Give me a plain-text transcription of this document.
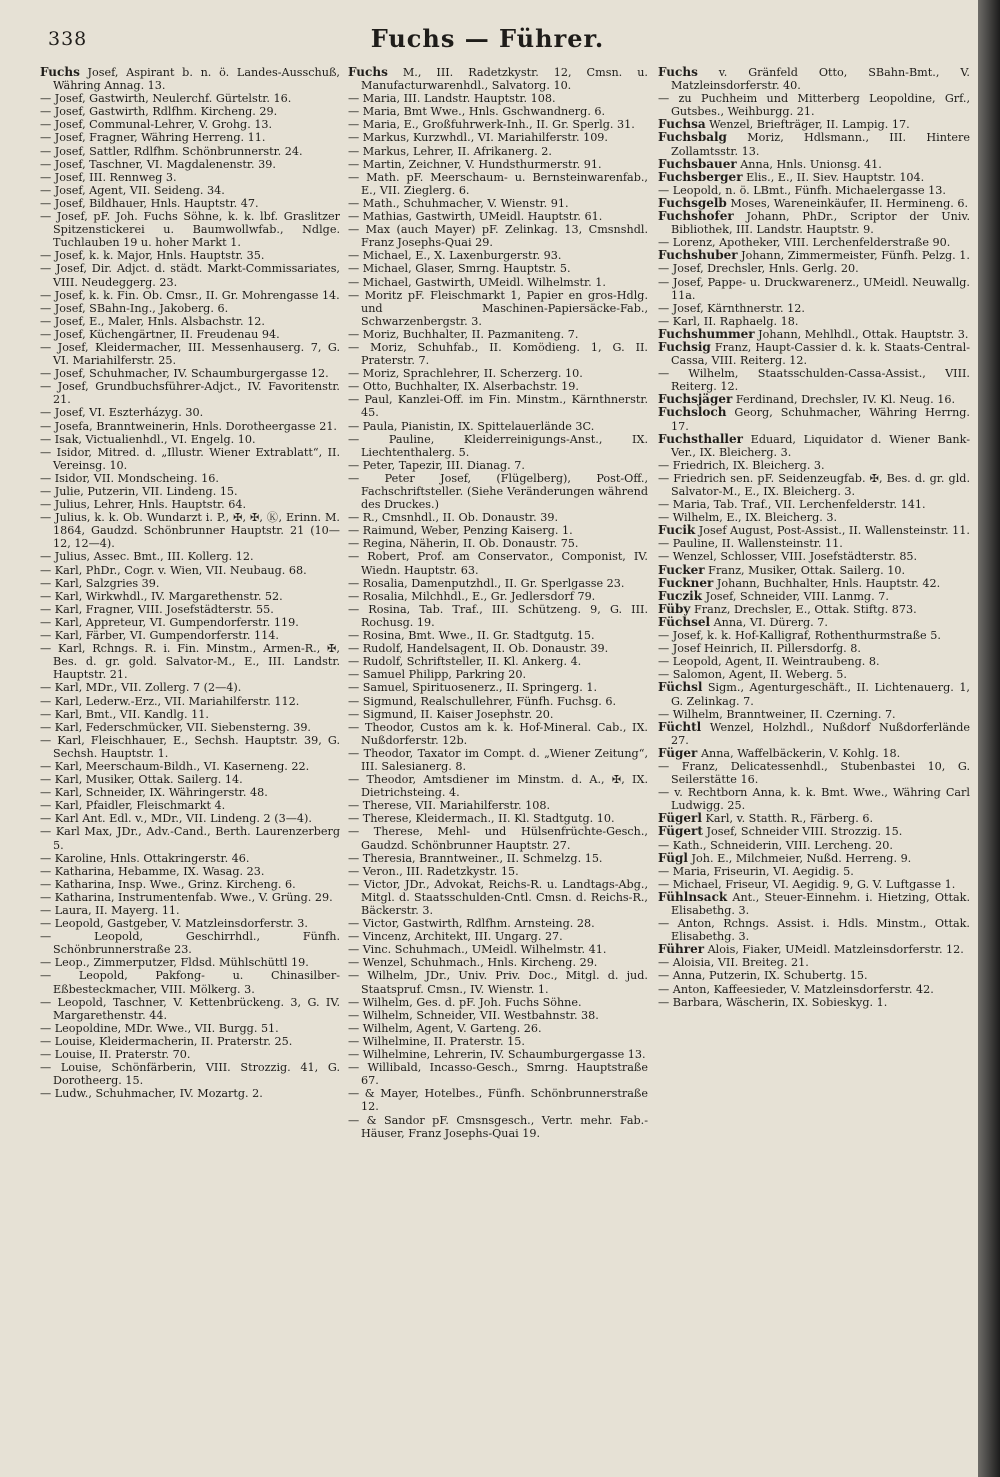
338	Fuchs — Führer.
Fuchs Josef, Aspirant b. n. ö. Landes-Ausschuß, Währing Annag. 13.
— Josef, Gastwirth, Neulerchf. Gürtelstr. 16.
— Josef, Gastwirth, Rdlfhm. Kircheng. 29.
— Josef, Communal-Lehrer, V. Grohg. 13.
— Josef, Fragner, Währing Herreng. 11.
— Josef, Sattler, Rdlfhm. Schönbrunnerstr. 24.
— Josef, Taschner, VI. Magdalenenstr. 39.
— Josef, III. Rennweg 3.
— Josef, Agent, VII. Seideng. 34.
— Josef, Bildhauer, Hnls. Hauptstr. 47.
— Josef, pF. Joh. Fuchs Söhne, k. k. lbf. Graslitzer Spitzenstickerei u. Baumwollwfab., Ndlge. Tuchlauben 19 u. hoher Markt 1.
— Josef, k. k. Major, Hnls. Hauptstr. 35.
— Josef, Dir. Adjct. d. städt. Markt-Commissariates, VIII. Neudeggerg. 23.
— Josef, k. k. Fin. Ob. Cmsr., II. Gr. Mohrengasse 14.
— Josef, SBahn-Ing., Jakoberg. 6.
— Josef, E., Maler, Hnls. Alsbachstr. 12.
— Josef, Küchengärtner, II. Freudenau 94.
— Josef, Kleidermacher, III. Messenhauserg. 7, G. VI. Mariahilferstr. 25.
— Josef, Schuhmacher, IV. Schaumburgergasse 12.
— Josef, Grundbuchsführer-Adjct., IV. Favoritenstr. 21.
— Josef, VI. Eszterházyg. 30.
— Josefa, Branntweinerin, Hnls. Dorotheergasse 21.
— Isak, Victualienhdl., VI. Engelg. 10.
— Isidor, Mitred. d. „Illustr. Wiener Extrablatt“, II. Vereinsg. 10.
— Isidor, VII. Mondscheing. 16.
— Julie, Putzerin, VII. Lindeng. 15.
— Julius, Lehrer, Hnls. Hauptstr. 64.
— Julius, k. k. Ob. Wundarzt i. P., ✠, ✠, Ⓚ, Erinn. M. 1864, Gaudzd. Schönbrunner Hauptstr. 21 (10—12, 12—4).
— Julius, Assec. Bmt., III. Kollerg. 12.
— Karl, PhDr., Cogr. v. Wien, VII. Neubaug. 68.
— Karl, Salzgries 39.
— Karl, Wirkwhdl., IV. Margarethenstr. 52.
— Karl, Fragner, VIII. Josefstädterstr. 55.
— Karl, Appreteur, VI. Gumpendorferstr. 119.
— Karl, Färber, VI. Gumpendorferstr. 114.
— Karl, Rchngs. R. i. Fin. Minstm., Armen-R., ✠, Bes. d. gr. gold. Salvator-M., E., III. Landstr. Hauptstr. 21.
— Karl, MDr., VII. Zollerg. 7 (2—4).
— Karl, Lederw.-Erz., VII. Mariahilferstr. 112.
— Karl, Bmt., VII. Kandlg. 11.
— Karl, Federschmücker, VII. Siebensterng. 39.
— Karl, Fleischhauer, E., Sechsh. Hauptstr. 39, G. Sechsh. Hauptstr. 1.
— Karl, Meerschaum-Bildh., VI. Kaserneng. 22.
— Karl, Musiker, Ottak. Sailerg. 14.
— Karl, Schneider, IX. Währingerstr. 48.
— Karl, Pfaidler, Fleischmarkt 4.
— Karl Ant. Edl. v., MDr., VII. Lindeng. 2 (3—4).
— Karl Max, JDr., Adv.-Cand., Berth. Laurenzerberg 5.
— Karoline, Hnls. Ottakringerstr. 46.
— Katharina, Hebamme, IX. Wasag. 23.
— Katharina, Insp. Wwe., Grinz. Kircheng. 6.
— Katharina, Instrumentenfab. Wwe., V. Grüng. 29.
— Laura, II. Mayerg. 11.
— Leopold, Gastgeber, V. Matzleinsdorferstr. 3.
— Leopold, Geschirrhdl., Fünfh. Schönbrunnerstraße 23.
— Leop., Zimmerputzer, Fldsd. Mühlschüttl 19.
— Leopold, Pakfong- u. Chinasilber-Eßbesteckmacher, VIII. Mölkerg. 3.
— Leopold, Taschner, V. Kettenbrückeng. 3, G. IV. Margarethenstr. 44.
— Leopoldine, MDr. Wwe., VII. Burgg. 51.
— Louise, Kleidermacherin, II. Praterstr. 25.
— Louise, II. Praterstr. 70.
— Louise, Schönfärberin, VIII. Strozzig. 41, G. Dorotheerg. 15.
— Ludw., Schuhmacher, IV. Mozartg. 2.
Fuchs M., III. Radetzkystr. 12, Cmsn. u. Manufacturwarenhdl., Salvatorg. 10.
— Maria, III. Landstr. Hauptstr. 108.
— Maria, Bmt Wwe., Hnls. Gschwandnerg. 6.
— Maria, E., Großfuhrwerk-Inh., II. Gr. Sperlg. 31.
— Markus, Kurzwhdl., VI. Mariahilferstr. 109.
— Markus, Lehrer, II. Afrikanerg. 2.
— Martin, Zeichner, V. Hundsthurmerstr. 91.
— Math. pF. Meerschaum- u. Bernsteinwarenfab., E., VII. Zieglerg. 6.
— Math., Schuhmacher, V. Wienstr. 91.
— Mathias, Gastwirth, UMeidl. Hauptstr. 61.
— Max (auch Mayer) pF. Zelinkag. 13, Cmsnshdl. Franz Josephs-Quai 29.
— Michael, E., X. Laxenburgerstr. 93.
— Michael, Glaser, Smrng. Hauptstr. 5.
— Michael, Gastwirth, UMeidl. Wilhelmstr. 1.
— Moritz pF. Fleischmarkt 1, Papier en gros-Hdlg. und Maschinen-Papiersäcke-Fab., Schwarzenbergstr. 3.
— Moriz, Buchhalter, II. Pazmaniteng. 7.
— Moriz, Schuhfab., II. Komödieng. 1, G. II. Praterstr. 7.
— Moriz, Sprachlehrer, II. Scherzerg. 10.
— Otto, Buchhalter, IX. Alserbachstr. 19.
— Paul, Kanzlei-Off. im Fin. Minstm., Kärnthnerstr. 45.
— Paula, Pianistin, IX. Spittelauerlände 3C.
— Pauline, Kleiderreinigungs-Anst., IX. Liechtenthalerg. 5.
— Peter, Tapezir, III. Dianag. 7.
— Peter Josef, (Flügelberg), Post-Off., Fachschriftsteller. (Siehe Veränderungen während des Druckes.)
— R., Cmsnhdl., II. Ob. Donaustr. 39.
— Raimund, Weber, Penzing Kaiserg. 1.
— Regina, Näherin, II. Ob. Donaustr. 75.
— Robert, Prof. am Conservator., Componist, IV. Wiedn. Hauptstr. 63.
— Rosalia, Damenputzhdl., II. Gr. Sperlgasse 23.
— Rosalia, Milchhdl., E., Gr. Jedlersdorf 79.
— Rosina, Tab. Traf., III. Schützeng. 9, G. III. Rochusg. 19.
— Rosina, Bmt. Wwe., II. Gr. Stadtgutg. 15.
— Rudolf, Handelsagent, II. Ob. Donaustr. 39.
— Rudolf, Schriftsteller, II. Kl. Ankerg. 4.
— Samuel Philipp, Parkring 20.
— Samuel, Spirituosenerz., II. Springerg. 1.
— Sigmund, Realschullehrer, Fünfh. Fuchsg. 6.
— Sigmund, II. Kaiser Josephstr. 20.
— Theodor, Custos am k. k. Hof-Mineral. Cab., IX. Nußdorferstr. 12b.
— Theodor, Taxator im Compt. d. „Wiener Zeitung“, III. Salesianerg. 8.
— Theodor, Amtsdiener im Minstm. d. A., ✠, IX. Dietrichsteing. 4.
— Therese, VII. Mariahilferstr. 108.
— Therese, Kleidermach., II. Kl. Stadtgutg. 10.
— Therese, Mehl- und Hülsenfrüchte-Gesch., Gaudzd. Schönbrunner Hauptstr. 27.
— Theresia, Branntweiner., II. Schmelzg. 15.
— Veron., III. Radetzkystr. 15.
— Victor, JDr., Advokat, Reichs-R. u. Landtags-Abg., Mitgl. d. Staatsschulden-Cntl. Cmsn. d. Reichs-R., Bäckerstr. 3.
— Victor, Gastwirth, Rdlfhm. Arnsteing. 28.
— Vincenz, Architekt, III. Ungarg. 27.
— Vinc. Schuhmach., UMeidl. Wilhelmstr. 41.
— Wenzel, Schuhmach., Hnls. Kircheng. 29.
— Wilhelm, JDr., Univ. Priv. Doc., Mitgl. d. jud. Staatspruf. Cmsn., IV. Wienstr. 1.
— Wilhelm, Ges. d. pF. Joh. Fuchs Söhne.
— Wilhelm, Schneider, VII. Westbahnstr. 38.
— Wilhelm, Agent, V. Garteng. 26.
— Wilhelmine, II. Praterstr. 15.
— Wilhelmine, Lehrerin, IV. Schaumburgergasse 13.
— Willibald, Incasso-Gesch., Smrng. Hauptstraße 67.
— & Mayer, Hotelbes., Fünfh. Schönbrunnerstraße 12.
— & Sandor pF. Cmsnsgesch., Vertr. mehr. Fab.-Häuser, Franz Josephs-Quai 19.
Fuchs v. Gränfeld Otto, SBahn-Bmt., V. Matzleinsdorferstr. 40.
— zu Puchheim und Mitterberg Leopoldine, Grf., Gutsbes., Weihburgg. 21.
Fuchsa Wenzel, Briefträger, II. Lampig. 17.
Fuchsbalg Moriz, Hdlsmann., III. Hintere Zollamtsstr. 13.
Fuchsbauer Anna, Hnls. Unionsg. 41.
Fuchsberger Elis., E., II. Siev. Hauptstr. 104.
— Leopold, n. ö. LBmt., Fünfh. Michaelergasse 13.
Fuchsgelb Moses, Wareneinkäufer, II. Hermineng. 6.
Fuchshofer Johann, PhDr., Scriptor der Univ. Bibliothek, III. Landstr. Hauptstr. 9.
— Lorenz, Apotheker, VIII. Lerchenfelderstraße 90.
Fuchshuber Johann, Zimmermeister, Fünfh. Pelzg. 1.
— Josef, Drechsler, Hnls. Gerlg. 20.
— Josef, Pappe- u. Druckwarenerz., UMeidl. Neuwallg. 11a.
— Josef, Kärnthnerstr. 12.
— Karl, II. Raphaelg. 18.
Fuchshummer Johann, Mehlhdl., Ottak. Hauptstr. 3.
Fuchsig Franz, Haupt-Cassier d. k. k. Staats-Central-Cassa, VIII. Reiterg. 12.
— Wilhelm, Staatsschulden-Cassa-Assist., VIII. Reiterg. 12.
Fuchsjäger Ferdinand, Drechsler, IV. Kl. Neug. 16.
Fuchsloch Georg, Schuhmacher, Währing Herrng. 17.
Fuchsthaller Eduard, Liquidator d. Wiener Bank-Ver., IX. Bleicherg. 3.
— Friedrich, IX. Bleicherg. 3.
— Friedrich sen. pF. Seidenzeugfab. ✠, Bes. d. gr. gld. Salvator-M., E., IX. Bleicherg. 3.
— Maria, Tab. Traf., VII. Lerchenfelderstr. 141.
— Wilhelm, E., IX. Bleicherg. 3.
Fucik Josef August, Post-Assist., II. Wallensteinstr. 11.
— Pauline, II. Wallensteinstr. 11.
— Wenzel, Schlosser, VIII. Josefstädterstr. 85.
Fucker Franz, Musiker, Ottak. Sailerg. 10.
Fuckner Johann, Buchhalter, Hnls. Hauptstr. 42.
Fuczik Josef, Schneider, VIII. Lanmg. 7.
Füby Franz, Drechsler, E., Ottak. Stiftg. 873.
Füchsel Anna, VI. Dürerg. 7.
— Josef, k. k. Hof-Kalligraf, Rothenthurmstraße 5.
— Josef Heinrich, II. Pillersdorfg. 8.
— Leopold, Agent, II. Weintraubeng. 8.
— Salomon, Agent, II. Weberg. 5.
Füchsl Sigm., Agenturgeschäft., II. Lichtenauerg. 1, G. Zelinkag. 7.
— Wilhelm, Branntweiner, II. Czerning. 7.
Füchtl Wenzel, Holzhdl., Nußdorf Nußdorferlände 27.
Füger Anna, Waffelbäckerin, V. Kohlg. 18.
— Franz, Delicatessenhdl., Stubenbastei 10, G. Seilerstätte 16.
— v. Rechtborn Anna, k. k. Bmt. Wwe., Währing Carl Ludwigg. 25.
Fügerl Karl, v. Statth. R., Färberg. 6.
Fügert Josef, Schneider VIII. Strozzig. 15.
— Kath., Schneiderin, VIII. Lercheng. 20.
Fügl Joh. E., Milchmeier, Nußd. Herreng. 9.
— Maria, Friseurin, VI. Aegidig. 5.
— Michael, Friseur, VI. Aegidig. 9, G. V. Luftgasse 1.
Fühlnsack Ant., Steuer-Einnehm. i. Hietzing, Ottak. Elisabethg. 3.
— Anton, Rchngs. Assist. i. Hdls. Minstm., Ottak. Elisabethg. 3.
Führer Alois, Fiaker, UMeidl. Matzleinsdorferstr. 12.
— Aloisia, VII. Breiteg. 21.
— Anna, Putzerin, IX. Schubertg. 15.
— Anton, Kaffeesieder, V. Matzleinsdorferstr. 42.
— Barbara, Wäscherin, IX. Sobieskyg. 1.
